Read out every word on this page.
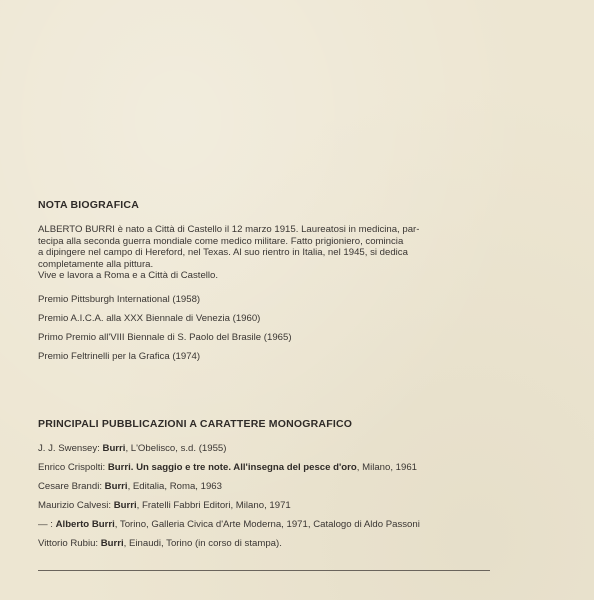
NOTA BIOGRAFICA
ALBERTO BURRI è nato a Città di Castello il 12 marzo 1915. Laureatosi in medicina, par-
tecipa alla seconda guerra mondiale come medico militare. Fatto prigioniero, comincia
a dipingere nel campo di Hereford, nel Texas. Al suo rientro in Italia, nel 1945, si dedica
completamente alla pittura.
Vive e lavora a Roma e a Città di Castello.
Premio Pittsburgh International (1958)
Premio A.I.C.A. alla XXX Biennale di Venezia (1960)
Primo Premio all'VIII Biennale di S. Paolo del Brasile (1965)
Premio Feltrinelli per la Grafica (1974)
PRINCIPALI PUBBLICAZIONI A CARATTERE MONOGRAFICO
J. J. Swensey: Burri, L'Obelisco, s.d. (1955)
Enrico Crispolti: Burri. Un saggio e tre note. All'insegna del pesce d'oro, Milano, 1961
Cesare Brandi: Burri, Editalia, Roma, 1963
Maurizio Calvesi: Burri, Fratelli Fabbri Editori, Milano, 1971
— : Alberto Burri, Torino, Galleria Civica d'Arte Moderna, 1971, Catalogo di Aldo Passoni
Vittorio Rubiu: Burri, Einaudi, Torino (in corso di stampa).
